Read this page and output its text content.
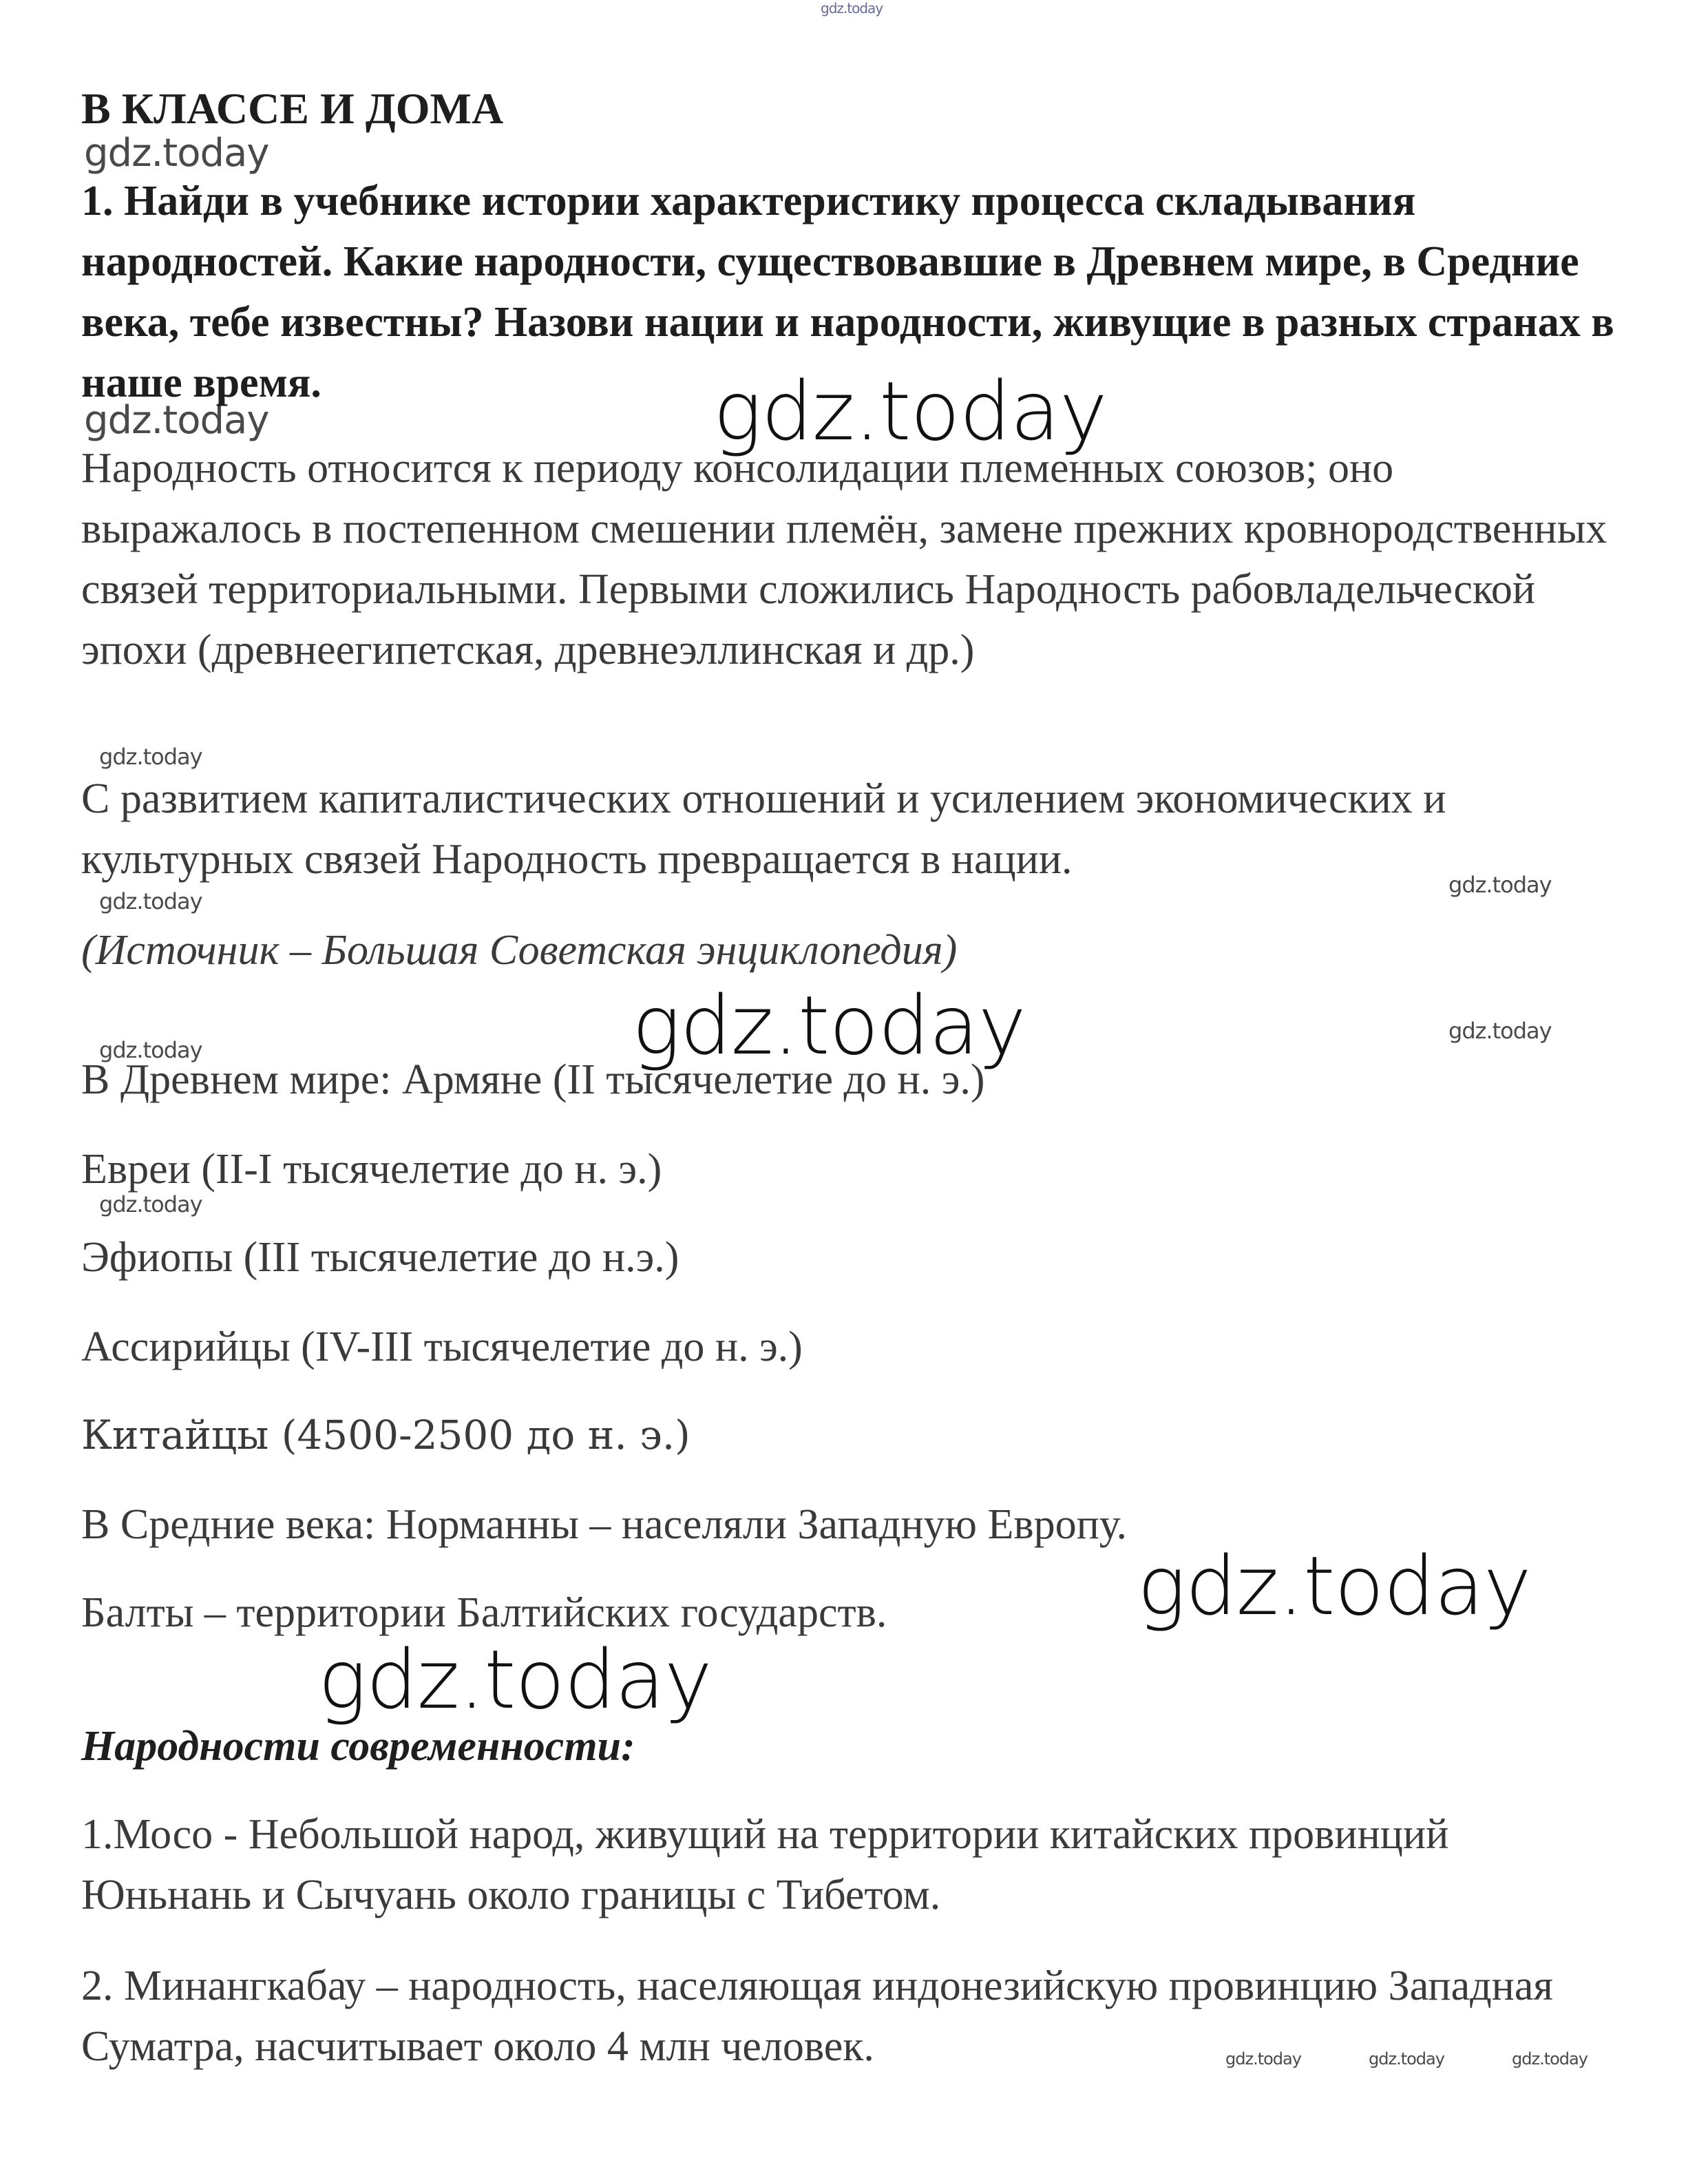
gdz.today
gdz.today
gdz.today
gdz.today
gdz.today
gdz.today
gdz.today
gdz.today
gdz.today
gdz.today	gdz.today	gdz.today

В КЛАССЕ И ДОМА

1. Найди в учебнике истории характеристику процесса складывания народностей. Какие народности, существовавшие в Древнем мире, в Средние века, тебе известны? Назови нации и народности, живущие в разных странах в наше время.

Народность относится к периоду консолидации племенных союзов; оно выражалось в постепенном смешении племён, замене прежних кровнородственных связей территориальными. Первыми сложились Народность рабовладельческой эпохи (древнеегипетская, древнеэллинская и др.)

С развитием капиталистических отношений и усилением экономических и культурных связей Народность превращается в нации.

(Источник – Большая Советская энциклопедия)

В Древнем мире: Армяне (II тысячелетие до н. э.)

Евреи (II-I тысячелетие до н. э.)

Эфиопы (III тысячелетие до н.э.)

Ассирийцы (IV-III тысячелетие до н. э.)

Китайцы (4500-2500 до н. э.)

В Средние века: Норманны – населяли Западную Европу.

Балты – территории Балтийских государств.

Народности современности:

1.Мосо - Небольшой народ, живущий на территории китайских провинций Юньнань и Сычуань около границы с Тибетом.

2. Минангкабау – народность, населяющая индонезийскую провинцию Западная Суматра, насчитывает около 4 млн человек.

gdz.today
gdz.today
gdz.today
gdz.today
